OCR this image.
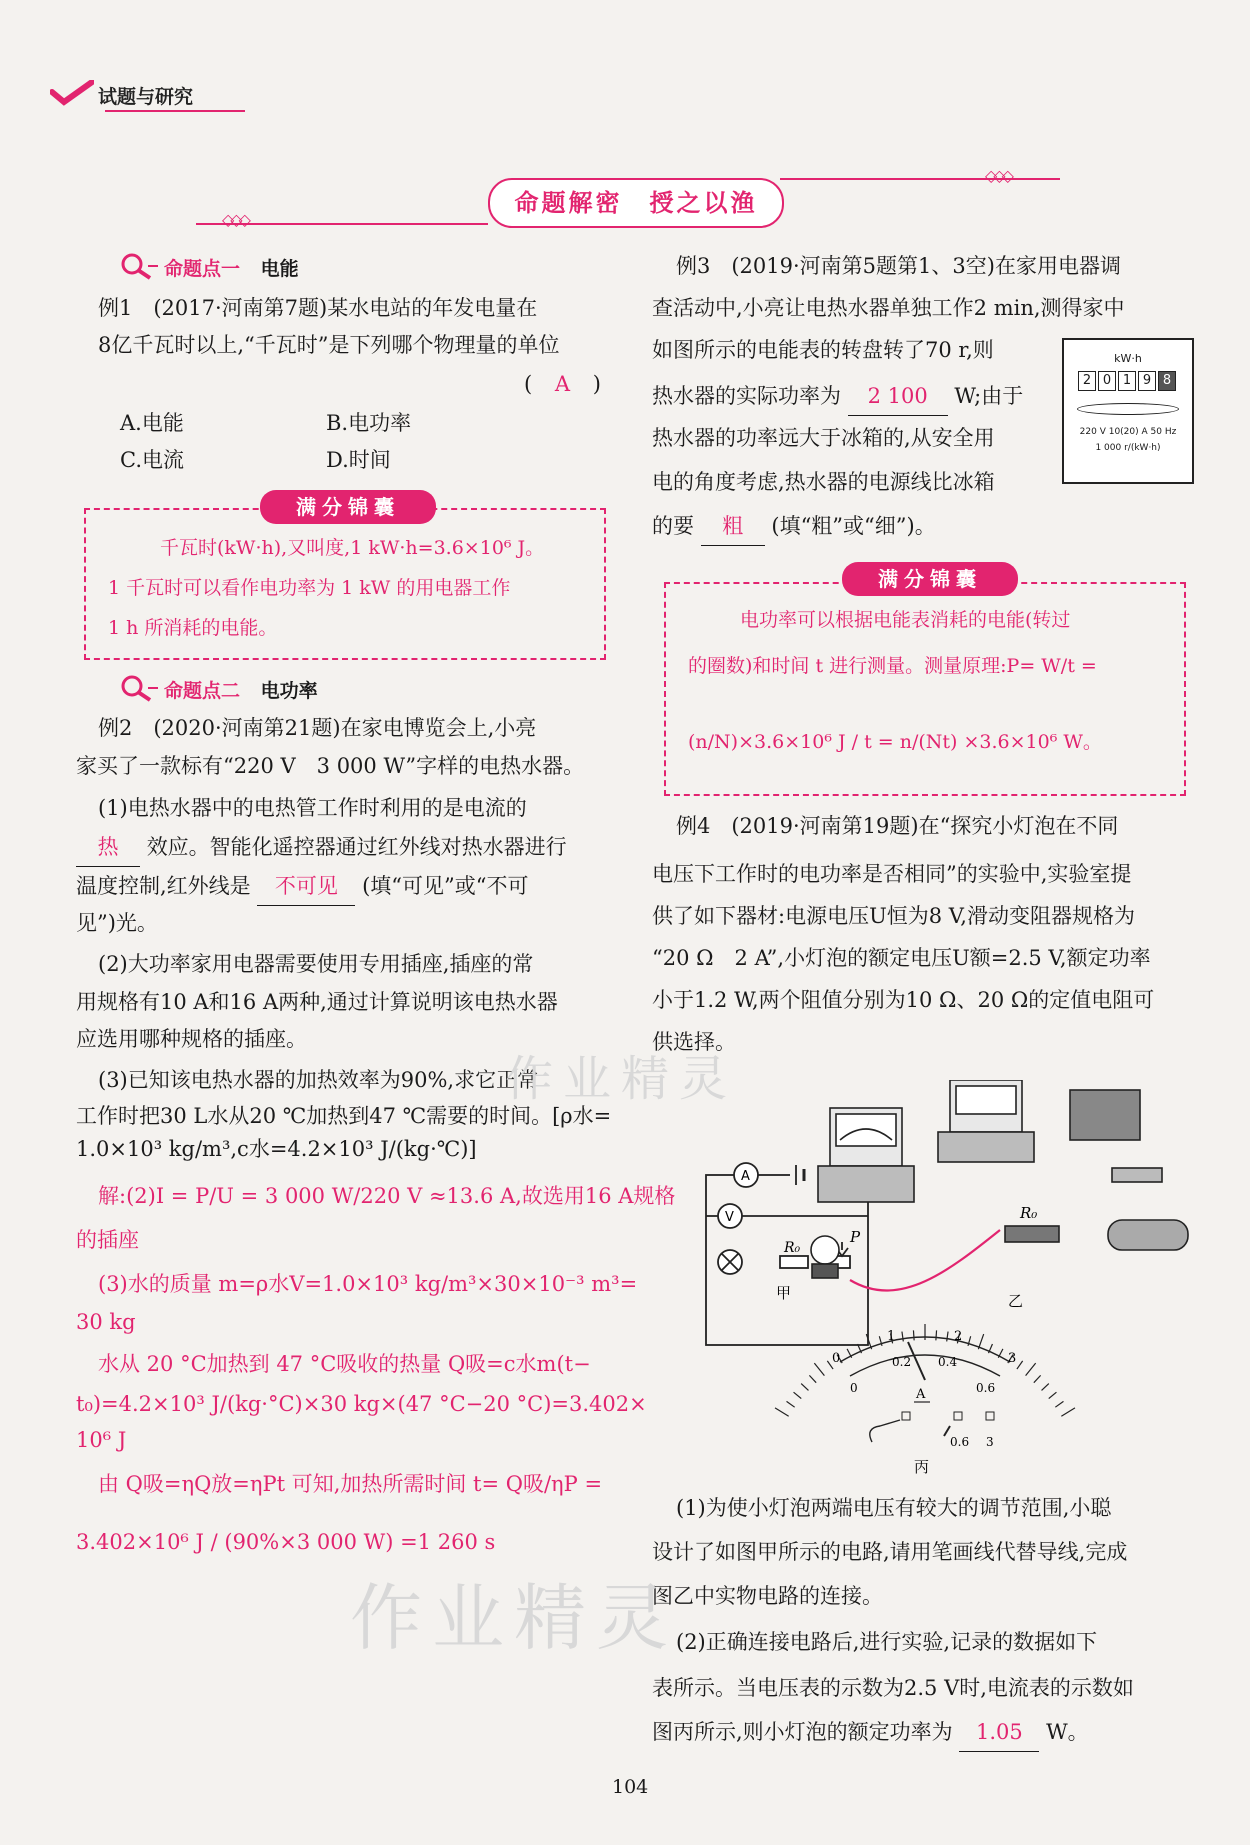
试题与研究
◇◇◇
◇◇◇
命题解密　授之以渔
命题点一 电能
例1　(2017·河南第7题)某水电站的年发电量在
8亿千瓦时以上,“千瓦时”是下列哪个物理量的单位
( A )
A.电能	B.电功率
C.电流	D.时间
满分锦囊
千瓦时(kW·h),又叫度,1 kW·h=3.6×10⁶ J。
1 千瓦时可以看作电功率为 1 kW 的用电器工作
1 h 所消耗的电能。
命题点二 电功率
例2　(2020·河南第21题)在家电博览会上,小亮
家买了一款标有“220 V　3 000 W”字样的电热水器。
(1)电热水器中的电热管工作时利用的是电流的
热 效应。智能化遥控器通过红外线对热水器进行
温度控制,红外线是 不可见 (填“可见”或“不可
见”)光。
(2)大功率家用电器需要使用专用插座,插座的常
用规格有10 A和16 A两种,通过计算说明该电热水器
应选用哪种规格的插座。
(3)已知该电热水器的加热效率为90%,求它正常
工作时把30 L水从20 ℃加热到47 ℃需要的时间。[ρ水=
1.0×10³ kg/m³,c水=4.2×10³ J/(kg·℃)]
解:(2)I = P/U = 3 000 W/220 V ≈13.6 A,故选用16 A规格
的插座
(3)水的质量 m=ρ水V=1.0×10³ kg/m³×30×10⁻³ m³=
30 kg
水从 20 °C加热到 47 °C吸收的热量 Q吸=c水m(t−
t₀)=4.2×10³ J/(kg·°C)×30 kg×(47 °C−20 °C)=3.402×
10⁶ J
由 Q吸=ηQ放=ηPt 可知,加热所需时间 t= Q吸/ηP =
3.402×10⁶ J / (90%×3 000 W) =1 260 s
例3　(2019·河南第5题第1、3空)在家用电器调
查活动中,小亮让电热水器单独工作2 min,测得家中
如图所示的电能表的转盘转了70 r,则
热水器的实际功率为 2 100 W;由于
热水器的功率远大于冰箱的,从安全用
电的角度考虑,热水器的电源线比冰箱
的要 粗 (填“粗”或“细”)。
kW·h
2 0 1 9 8
220 V 10(20) A 50 Hz
1 000 r/(kW·h)
满分锦囊
电功率可以根据电能表消耗的电能(转过
的圈数)和时间 t 进行测量。测量原理:P= W/t =
(n/N)×3.6×10⁶ J / t = n/(Nt) ×3.6×10⁶ W。
例4　(2019·河南第19题)在“探究小灯泡在不同
电压下工作时的电功率是否相同”的实验中,实验室提
供了如下器材:电源电压U恒为8 V,滑动变阻器规格为
“20 Ω　2 A”,小灯泡的额定电压U额=2.5 V,额定功率
小于1.2 W,两个阻值分别为10 Ω、20 Ω的定值电阻可
供选择。
A
V
R₀
P
甲
R₀
乙
0
1	2
3
0
0.2 0.4
0.6
A
0.6 3
丙
(1)为使小灯泡两端电压有较大的调节范围,小聪
设计了如图甲所示的电路,请用笔画线代替导线,完成
图乙中实物电路的连接。
(2)正确连接电路后,进行实验,记录的数据如下
表所示。当电压表的示数为2.5 V时,电流表的示数如
图丙所示,则小灯泡的额定功率为 1.05 W。
作业精灵
作业精灵
104
